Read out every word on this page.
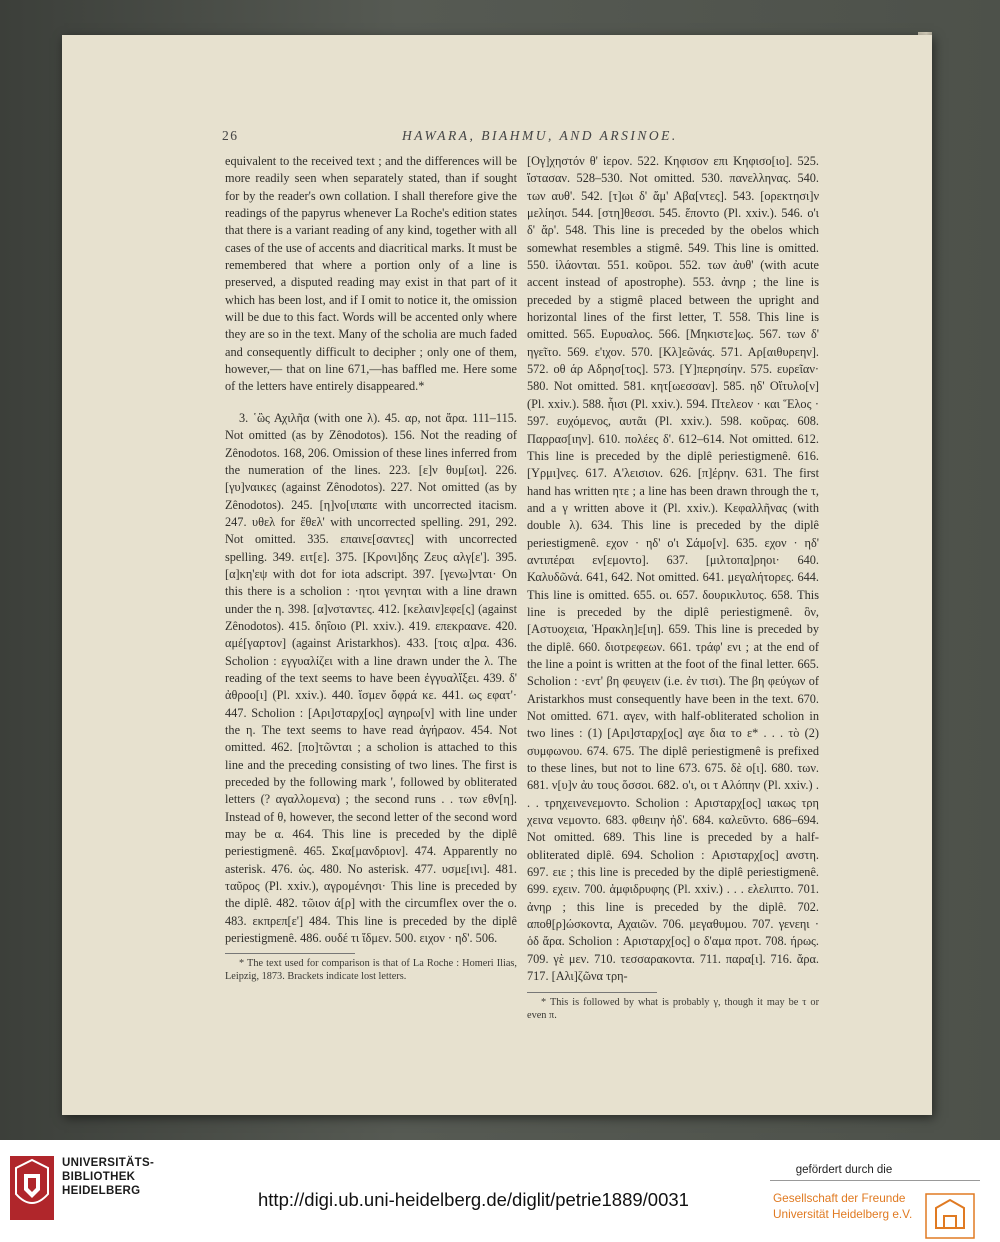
26	HAWARA, BIAHMU, AND ARSINOE.

equivalent to the received text ; and the differences will be more readily seen when separately stated, than if sought for by the reader's own collation. I shall therefore give the readings of the papyrus whenever La Roche's edition states that there is a variant reading of any kind, together with all cases of the use of accents and diacritical marks. It must be remembered that where a portion only of a line is preserved, a disputed reading may exist in that part of it which has been lost, and if I omit to notice it, the omission will be due to this fact. Words will be accented only where they are so in the text. Many of the scholia are much faded and consequently difficult to decipher ; only one of them, however,— that on line 671,—has baffled me. Here some of the letters have entirely disappeared.*

3. ῾ὣς Αχιλῆα (with one λ). 45. αρ, not ἄρα. 111–115. Not omitted (as by Zênodotos). 156. Not the reading of Zênodotos. 168, 206. Omission of these lines inferred from the numeration of the lines. 223. [ε]ν θυμ[ωι]. 226. [γυ]ναικες (against Zênodotos). 227. Not omitted (as by Zênodotos). 245. [η]νο[ιπαπε with uncorrected itacism. 247. υθελ for ἔθελ' with uncorrected spelling. 291, 292. Not omitted. 335. επαινε[σαντες] with uncorrected spelling. 349. ειτ[ε]. 375. [Κρονι]δης Ζευς αλγ[ε']. 395. [α]κη'εψ with dot for iota adscript. 397. [γενω]νται· On this there is a scholion : ·ητοι γενηται with a line drawn under the η. 398. [α]νσταντες. 412. [κελαιν]εφε[ς] (against Zênodotos). 415. δηΐοιο (Pl. xxiv.). 419. επεκραανε. 420. αμέ[γαρτον] (against Aristarkhos). 433. [τοις α]ρα. 436. Scholion : εγγυαλίζει with a line drawn under the λ. The reading of the text seems to have been ἐγγυαλἴξει. 439. δ' ἀθροο[ι] (Pl. xxiv.). 440. ἴσμεν ὄφρά κε. 441. ως εφατ'· 447. Scholion : [Αρι]σταρχ[ος] αγηρω[ν] with line under the η. The text seems to have read ἀγήραον. 454. Not omitted. 462. [πο]τῶνται ; a scholion is attached to this line and the preceding consisting of two lines. The first is preceded by the following mark ', followed by obliterated letters (? αγαλλομενα) ; the second runs . . των εθν[η]. Instead of θ, however, the second letter of the second word may be α. 464. This line is preceded by the diplê periestigmenê. 465. Σκα[μανδριον]. 474. Apparently no asterisk. 476. ὡς. 480. No asterisk. 477. υσμε[ινι]. 481. ταῦρος (Pl. xxiv.), αγρομένησι· This line is preceded by the diplê. 482. τῶιον ά[ρ] with the circumflex over the ο. 483. εκπρεπ[ε'] 484. This line is preceded by the diplê periestigmenê. 486. ουδέ τι ἴδμεν. 500. ειχον · ηδ'. 506.

* The text used for comparison is that of La Roche : Homeri Ilias, Leipzig, 1873. Brackets indicate lost letters.

[Ογ]χηστόν θ' ἱερον. 522. Κηφισον επι Κηφισο[ιο]. 525. ἵστασαν. 528–530. Not omitted. 530. πανελληνας. 540. των αυθ'. 542. [τ]ωι δ' ἅμ' Αβα[ντες]. 543. [ορεκτησι]ν μελίησι. 544. [στη]θεσσι. 545. ἕποντο (Pl. xxiv.). 546. ο'ι δ' ἄρ'. 548. This line is preceded by the obelos which somewhat resembles a stigmê. 549. This line is omitted. 550. ἱλάονται. 551. κοῦροι. 552. των ἀυθ' (with acute accent instead of apostrophe). 553. ἀνηρ ; the line is preceded by a stigmê placed between the upright and horizontal lines of the first letter, T. 558. This line is omitted. 565. Ευρυαλος. 566. [Μηκιστε]ως. 567. των δ' ηγεῖτο. 569. ε'ιχον. 570. [Κλ]εῶνάς. 571. Αρ[αιθυρεην]. 572. οθ άρ Αδρησ[τος]. 573. [Υ]περησίην. 575. ευρεῖαν· 580. Not omitted. 581. κητ[ωεσσαν]. 585. ηδ' Οἴτυλο[ν] (Pl. xxiv.). 588. ἧισι (Pl. xxiv.). 594. Πτελεον · και Ἕλος · 597. ευχόμενος, αυτᾶι (Pl. xxiv.). 598. κοῦρας. 608. Παρρασ[ιην]. 610. πολέες δ'. 612–614. Not omitted. 612. This line is preceded by the diplê periestigmenê. 616. [Υρμι]νες. 617. Α'λεισιον. 626. [π]έρην. 631. The first hand has written ητε ; a line has been drawn through the τ, and a γ written above it (Pl. xxiv.). Κεφαλλῆνας (with double λ). 634. This line is preceded by the diplê periestigmenê. εχον · ηδ' ο'ι Σάμο[ν]. 635. εχον · ηδ' αντιπέραι εν[εμοντο]. 637. [μιλτοπα]ρηοι· 640. Καλυδῶνά. 641, 642. Not omitted. 641. μεγαλήτορες. 644. This line is omitted. 655. οι. 657. δουρικλυτος. 658. This line is preceded by the diplê periestigmenê. ὃν, [Αστυοχεια, Ἡρακλη]ε[ιη]. 659. This line is preceded by the diplê. 660. διοτρεφεων. 661. τράφ' ενι ; at the end of the line a point is written at the foot of the final letter. 665. Scholion : ·εντ' βη φευγειν (i.e. ἐν τισι). The βη φεύγων of Aristarkhos must consequently have been in the text. 670. Not omitted. 671. αγεν, with half-obliterated scholion in two lines : (1) [Αρι]σταρχ[ος] αγε δια το ε* . . . τὸ (2) συμφωνου. 674. 675. The diplê periestigmenê is prefixed to these lines, but not to line 673. 675. δὲ ο[ι]. 680. των. 681. ν[υ]ν ἀυ τους ὅσσοι. 682. ο'ι, οι τ Αλόπην (Pl. xxiv.) . . . τρηχεινενεμοντο. Scholion : Αρισταρχ[ος] ιακως τρη χεινα νεμοντο. 683. φθειην ἠδ'. 684. καλεῦντο. 686–694. Not omitted. 689. This line is preceded by a half-obliterated diplê. 694. Scholion : Αρισταρχ[ος] ανστη. 697. ειε ; this line is preceded by the diplê periestigmenê. 699. εχειν. 700. ἀμφιδρυφης (Pl. xxiv.) . . . ελελιπτο. 701. ἀνηρ ; this line is preceded by the diplê. 702. αποθ[ρ]ώσκοντα, Αχαιῶν. 706. μεγαθυμου. 707. γενεηι · ὁδ ἄρα. Scholion : Αρισταρχ[ος] ο δ'αμα προτ. 708. ήρως. 709. γὲ μεν. 710. τεσσαρακοντα. 711. παρα[ι]. 716. ἄρα. 717. [Αλι]ζῶνα τρη-

* This is followed by what is probably γ, though it may be τ or even π.
UNIVERSITÄTS-BIBLIOTHEK HEIDELBERG	http://digi.ub.uni-heidelberg.de/diglit/petrie1889/0031
gefördert durch die
Gesellschaft der Freunde Universität Heidelberg e.V.
